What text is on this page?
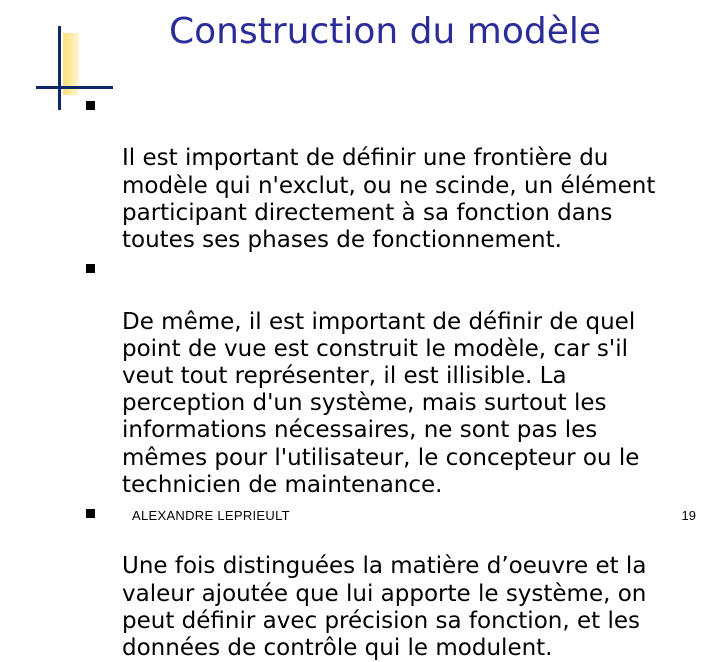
Construction du modèle

Il est important de définir une frontière du
modèle qui n'exclut, ou ne scinde, un élément
participant directement à sa fonction dans
toutes ses phases de fonctionnement.

De même, il est important de définir de quel
point de vue est construit le modèle, car s'il
veut tout représenter, il est illisible. La
perception d'un système, mais surtout les
informations nécessaires, ne sont pas les
mêmes pour l'utilisateur, le concepteur ou le
technicien de maintenance.

Une fois distinguées la matière d’oeuvre et la
valeur ajoutée que lui apporte le système, on
peut définir avec précision sa fonction, et les
données de contrôle qui le modulent.

ALEXANDRE LEPRIEULT	19
